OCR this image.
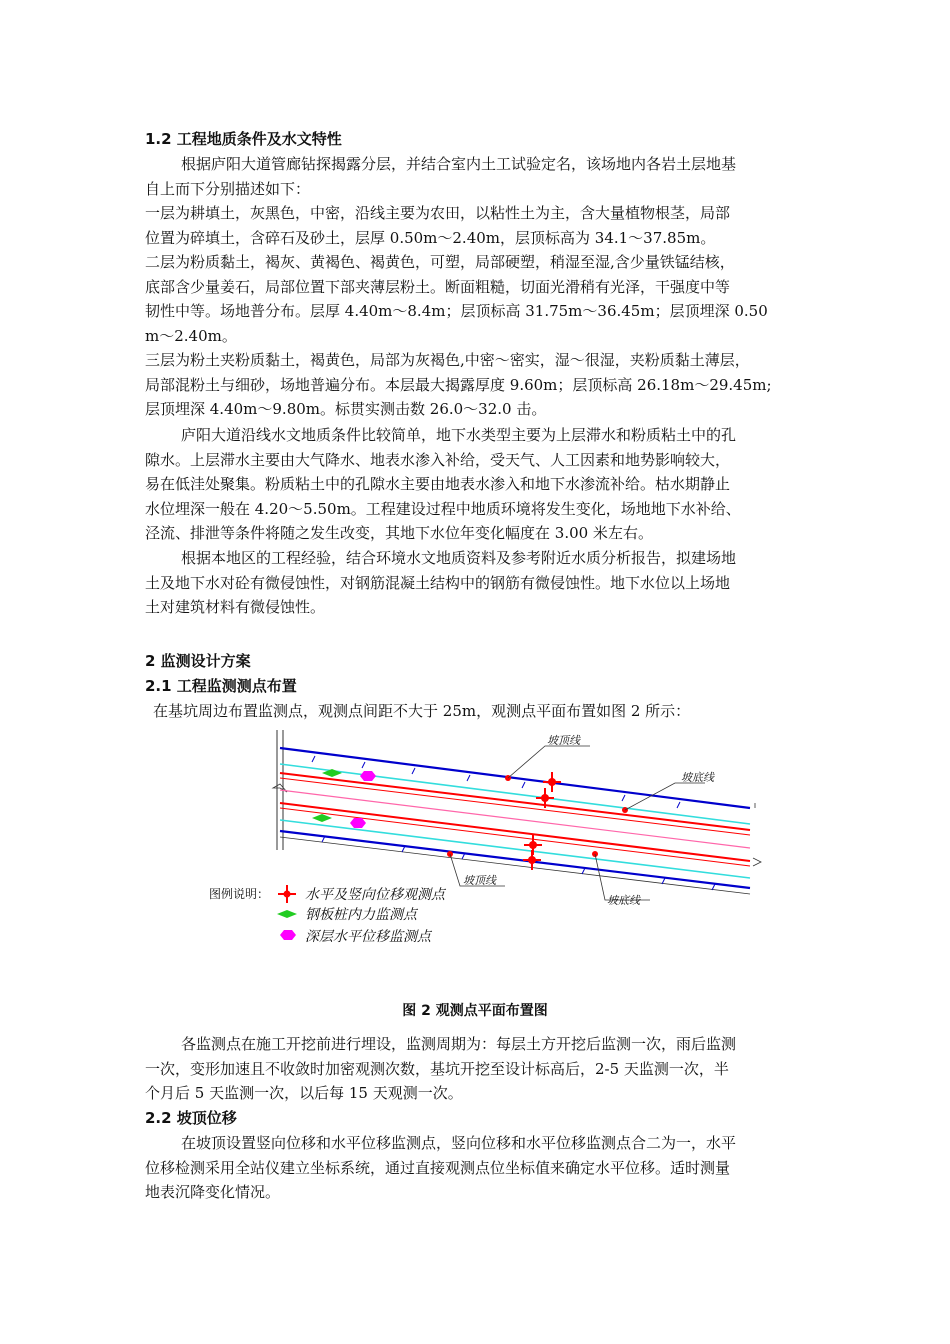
1.2 工程地质条件及水文特性
根据庐阳大道管廊钻探揭露分层，并结合室内土工试验定名，该场地内各岩土层地基
自上而下分别描述如下：
一层为耕填土，灰黑色，中密，沿线主要为农田，以粘性土为主，含大量植物根茎，局部
位置为碎填土，含碎石及砂土，层厚 0.50m～2.40m，层顶标高为 34.1～37.85m。
二层为粉质黏土，褐灰、黄褐色、褐黄色，可塑，局部硬塑，稍湿至湿,含少量铁锰结核，
底部含少量姜石，局部位置下部夹薄层粉土。断面粗糙，切面光滑稍有光泽，干强度中等
韧性中等。场地普分布。层厚 4.40m～8.4m；层顶标高 31.75m～36.45m；层顶埋深 0.50
m～2.40m。
三层为粉土夹粉质黏土，褐黄色，局部为灰褐色,中密～密实，湿～很湿，夹粉质黏土薄层，
局部混粉土与细砂，场地普遍分布。本层最大揭露厚度 9.60m；层顶标高 26.18m～29.45m;
层顶埋深 4.40m～9.80m。标贯实测击数 26.0～32.0 击。
庐阳大道沿线水文地质条件比较简单，地下水类型主要为上层滞水和粉质粘土中的孔
隙水。上层滞水主要由大气降水、地表水渗入补给，受天气、人工因素和地势影响较大，
易在低洼处聚集。粉质粘土中的孔隙水主要由地表水渗入和地下水渗流补给。枯水期静止
水位埋深一般在 4.20～5.50m。工程建设过程中地质环境将发生变化，场地地下水补给、
泾流、排泄等条件将随之发生改变，其地下水位年变化幅度在 3.00 米左右。
根据本地区的工程经验，结合环境水文地质资料及参考附近水质分析报告，拟建场地
土及地下水对砼有微侵蚀性，对钢筋混凝土结构中的钢筋有微侵蚀性。地下水位以上场地
土对建筑材料有微侵蚀性。
2 监测设计方案
2.1 工程监测测点布置
在基坑周边布置监测点，观测点间距不大于 25m，观测点平面布置如图 2 所示：
坡顶线
坡底线
坡顶线
坡底线
图例说明：	水平及竖向位移观测点
钢板桩内力监测点
深层水平位移监测点
图 2 观测点平面布置图
各监测点在施工开挖前进行埋设，监测周期为：每层土方开挖后监测一次，雨后监测
一次，变形加速且不收敛时加密观测次数，基坑开挖至设计标高后，2-5 天监测一次，半
个月后 5 天监测一次，以后每 15 天观测一次。
2.2 坡顶位移
在坡顶设置竖向位移和水平位移监测点，竖向位移和水平位移监测点合二为一，水平
位移检测采用全站仪建立坐标系统，通过直接观测点位坐标值来确定水平位移。适时测量
地表沉降变化情况。
